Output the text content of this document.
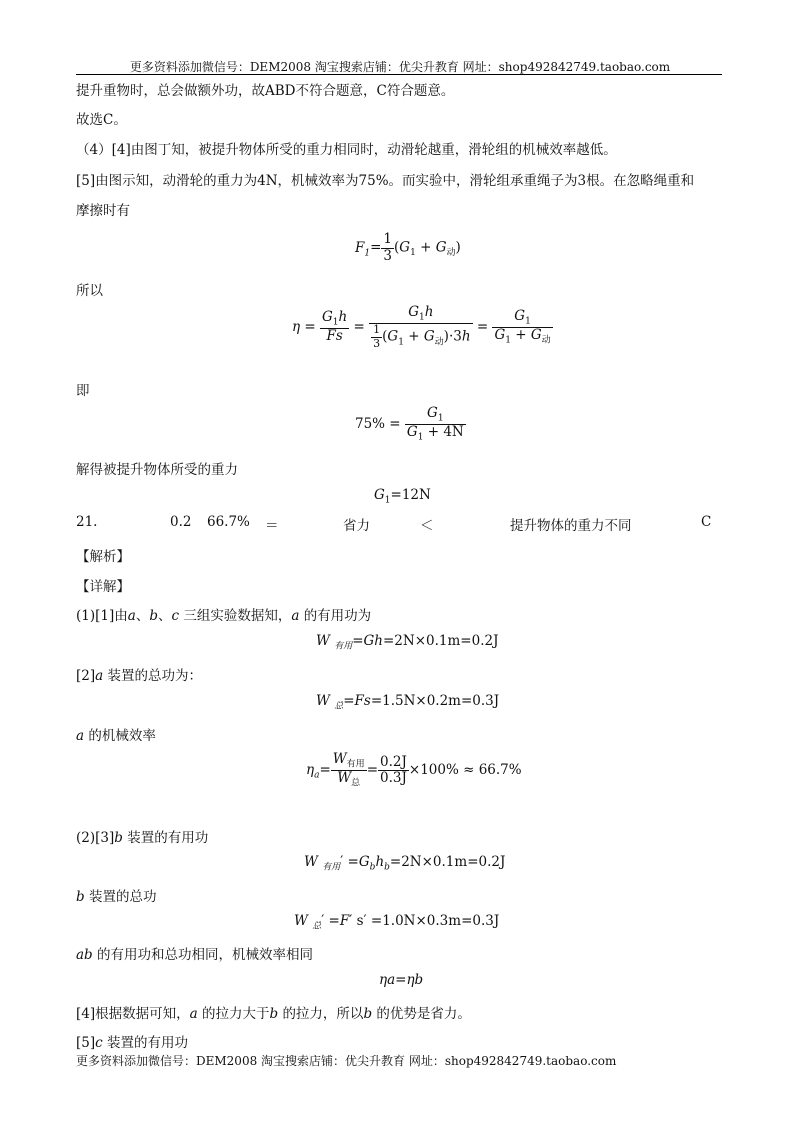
更多资料添加微信号：DEM2008 淘宝搜索店铺：优尖升教育 网址：shop492842749.taobao.com
提升重物时，总会做额外功，故ABD不符合题意，C符合题意。
故选C。
（4）[4]由图丁知，被提升物体所受的重力相同时，动滑轮越重，滑轮组的机械效率越低。
[5]由图示知，动滑轮的重力为4N，机械效率为75%。而实验中，滑轮组承重绳子为3根。在忽略绳重和
摩擦时有
$F_1= \frac{1}{3} (G_1 + G_动)$
所以
$\eta = \frac{G_1h}{Fs} = \frac{G_1h}{\frac{1}{3} (G_1 + G_动)\cdot 3h} = \frac{G_1}{G_1 + G_动}$
即
$75\% = \frac{G_1}{G_1 + 4N}$
解得被提升物体所受的重力
$G_1=12N$
21.	0.2 66.7% ＝	省力	＜	提升物体的重力不同	C
【解析】
【详解】
(1)[1]由a、b、c 三组实验数据知，a 的有用功为
W $_{有用}$=Gh=2N×0.1m=0.2J
[2]a 装置的总功为：
W $_总$=Fs=1.5N×0.2m=0.3J
a 的机械效率
$\eta_a= \frac{W_{有用}}{W_总} = \frac{0.2J}{0.3J} \times 100\% \approx 66.7\%$
(2)[3]b 装置的有用功
W $_{有用}' =G_bh_b=2N\times 0.1m=0.2J$
b 装置的总功
W $_总$′ =F′ s′ =1.0N×0.3m=0.3J
ab 的有用功和总功相同，机械效率相同
ηa=ηb
[4]根据数据可知，a 的拉力大于b 的拉力，所以b 的优势是省力。
[5]c 装置的有用功
更多资料添加微信号：DEM2008 淘宝搜索店铺：优尖升教育 网址：shop492842749.taobao.com
